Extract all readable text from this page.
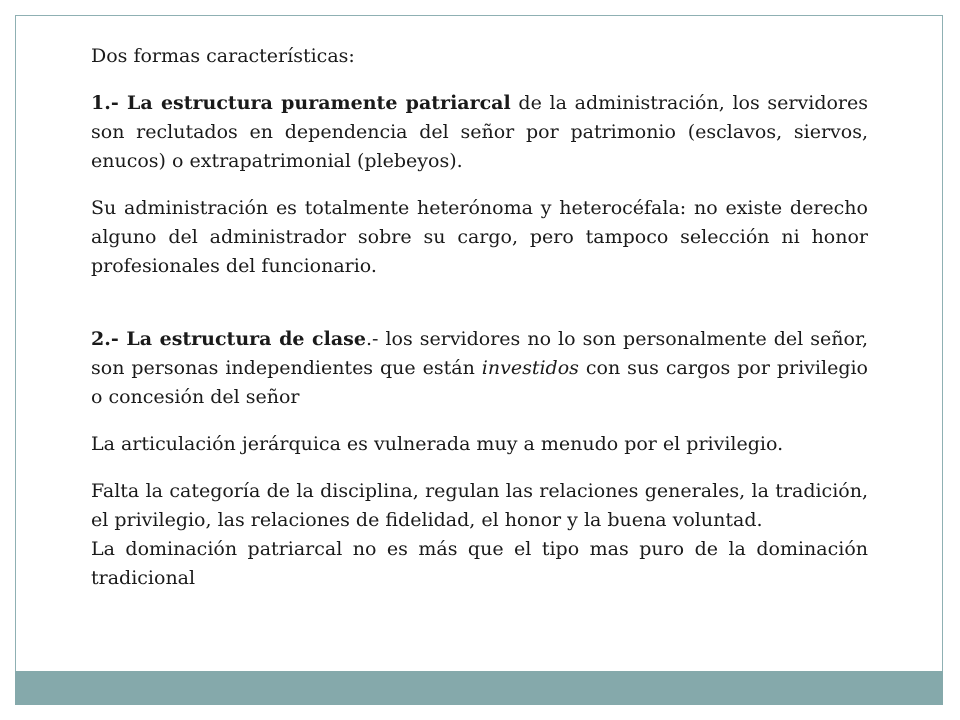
Dos formas características:

1.- La estructura puramente patriarcal de la administración, los servidores son reclutados en dependencia del señor por patrimonio (esclavos, siervos, enucos) o extrapatrimonial (plebeyos).

Su administración es totalmente heterónoma y heterocéfala: no existe derecho alguno del administrador sobre su cargo, pero tampoco selección ni honor profesionales del funcionario.

2.- La estructura de clase.- los servidores no lo son personalmente del señor, son personas independientes que están investidos con sus cargos por privilegio o concesión del señor

La articulación jerárquica es vulnerada muy a menudo por el privilegio.

Falta la categoría de la disciplina, regulan las relaciones generales, la tradición, el privilegio, las relaciones de fidelidad, el honor y la buena voluntad.

La dominación patriarcal no es más que el tipo mas puro de la dominación tradicional
